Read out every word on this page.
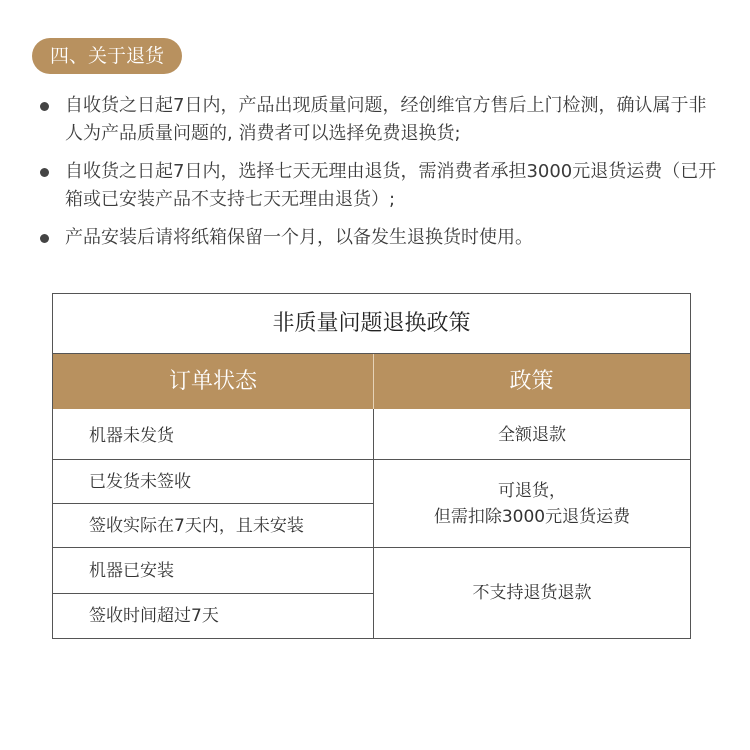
四、关于退货
自收货之日起7日内，产品出现质量问题，经创维官方售后上门检测，确认属于非人为产品质量问题的, 消费者可以选择免费退换货;
自收货之日起7日内，选择七天无理由退货，需消费者承担3000元退货运费（已开箱或已安装产品不支持七天无理由退货）;
产品安装后请将纸箱保留一个月，以备发生退换货时使用。
非质量问题退换政策
订单状态	政策
机器未发货
已发货未签收
签收实际在7天内，且未安装
机器已安装
签收时间超过7天
全额退款
可退货，
但需扣除3000元退货运费
不支持退货退款
